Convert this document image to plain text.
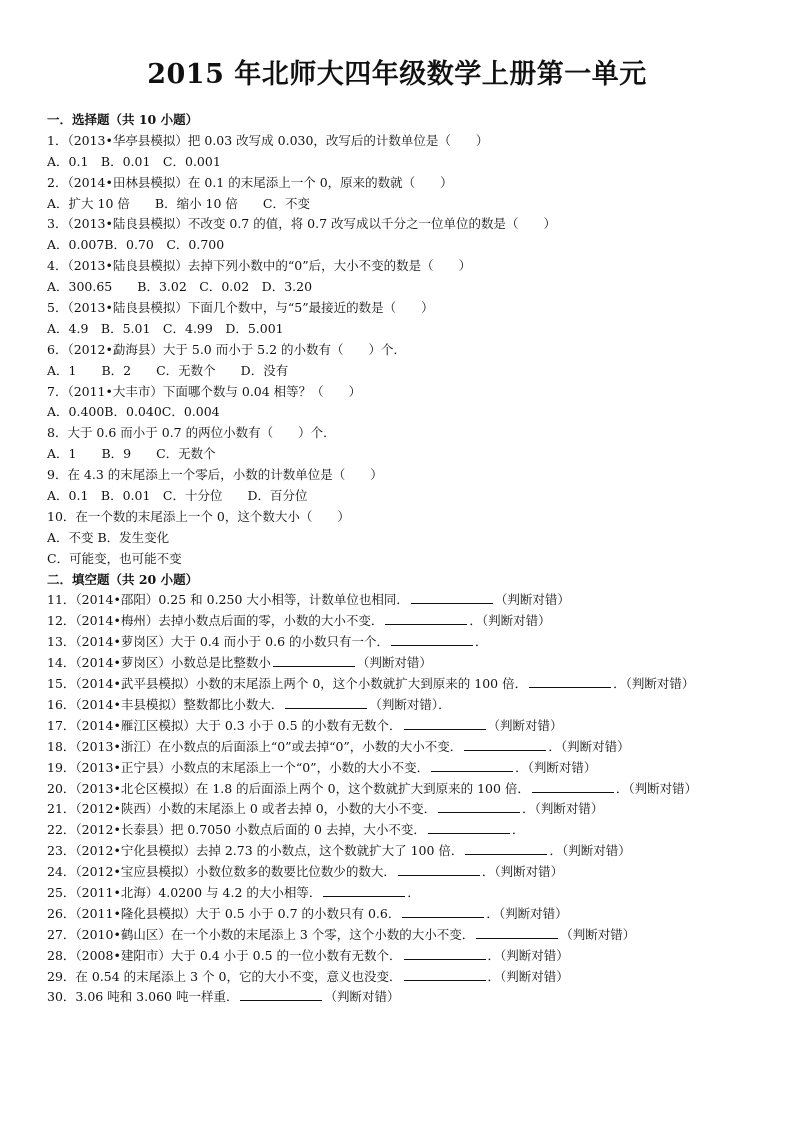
2015 年北师大四年级数学上册第一单元
一．选择题（共 10 小题）
1．（2013•华亭县模拟）把 0.03 改写成 0.030，改写后的计数单位是（　　）
A．0.1　B．0.01　C．0.001
2．（2014•田林县模拟）在 0.1 的末尾添上一个 0，原来的数就（　　）
A．扩大 10 倍　　B．缩小 10 倍　　C．不变
3．（2013•陆良县模拟）不改变 0.7 的值，将 0.7 改写成以千分之一位单位的数是（　　）
A．0.007B．0.70　C．0.700
4．（2013•陆良县模拟）去掉下列小数中的“0”后，大小不变的数是（　　）
A．300.65　　B．3.02　C．0.02　D．3.20
5．（2013•陆良县模拟）下面几个数中，与“5”最接近的数是（　　）
A．4.9　B．5.01　C．4.99　D．5.001
6．（2012•勐海县）大于 5.0 而小于 5.2 的小数有（　　）个．
A．1　　B．2　　C．无数个　　D．没有
7．（2011•大丰市）下面哪个数与 0.04 相等？（　　）
A．0.400B．0.040C．0.004
8．大于 0.6 而小于 0.7 的两位小数有（　　）个．
A．1　　B．9　　C．无数个
9．在 4.3 的末尾添上一个零后，小数的计数单位是（　　）
A．0.1　B．0.01　C．十分位　　D．百分位
10．在一个数的末尾添上一个 0，这个数大小（　　）
A．不变 B．发生变化
C．可能变，也可能不变
二．填空题（共 20 小题）
11．（2014•邵阳）0.25 和 0.250 大小相等，计数单位也相同．	（判断对错）
12．（2014•梅州）去掉小数点后面的零，小数的大小不变．	．（判断对错）
13．（2014•萝岗区）大于 0.4 而小于 0.6 的小数只有一个．	．
14．（2014•萝岗区）小数总是比整数小	（判断对错）
15．（2014•武平县模拟）小数的末尾添上两个 0，这个小数就扩大到原来的 100 倍．	．（判断对错）
16．（2014•丰县模拟）整数都比小数大．	（判断对错）．
17．（2014•雁江区模拟）大于 0.3 小于 0.5 的小数有无数个．	（判断对错）
18．（2013•浙江）在小数点的后面添上“0”或去掉“0”，小数的大小不变．	．（判断对错）
19．（2013•正宁县）小数点的末尾添上一个“0”，小数的大小不变．	．（判断对错）
20．（2013•北仑区模拟）在 1.8 的后面添上两个 0，这个数就扩大到原来的 100 倍．	．（判断对错）
21．（2012•陕西）小数的末尾添上 0 或者去掉 0，小数的大小不变．	．（判断对错）
22．（2012•长泰县）把 0.7050 小数点后面的 0 去掉，大小不变．	．
23．（2012•宁化县模拟）去掉 2.73 的小数点，这个数就扩大了 100 倍．	．（判断对错）
24．（2012•宝应县模拟）小数位数多的数要比位数少的数大．	．（判断对错）
25．（2011•北海）4.0200 与 4.2 的大小相等．	．
26．（2011•隆化县模拟）大于 0.5 小于 0.7 的小数只有 0.6．	．（判断对错）
27．（2010•鹤山区）在一个小数的末尾添上 3 个零，这个小数的大小不变．	（判断对错）
28．（2008•建阳市）大于 0.4 小于 0.5 的一位小数有无数个．	．（判断对错）
29．在 0.54 的末尾添上 3 个 0，它的大小不变，意义也没变．	．（判断对错）
30．3.06 吨和 3.060 吨一样重．	（判断对错）
